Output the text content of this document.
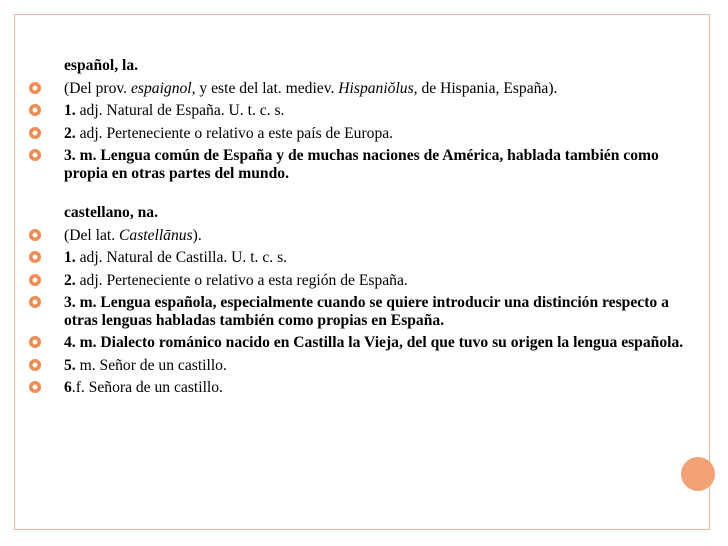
español, la.
(Del prov. espaignol, y este del lat. mediev. Hispaniŏlus, de Hispania, España).
1. adj. Natural de España. U. t. c. s.
2. adj. Perteneciente o relativo a este país de Europa.
3. m. Lengua común de España y de muchas naciones de América, hablada también como propia en otras partes del mundo.
castellano, na.
(Del lat. Castellānus).
1. adj. Natural de Castilla. U. t. c. s.
2. adj. Perteneciente o relativo a esta región de España.
3. m. Lengua española, especialmente cuando se quiere introducir una distinción respecto a otras lenguas habladas también como propias en España.
4. m. Dialecto románico nacido en Castilla la Vieja, del que tuvo su origen la lengua española.
5. m. Señor de un castillo.
6.f. Señora de un castillo.
